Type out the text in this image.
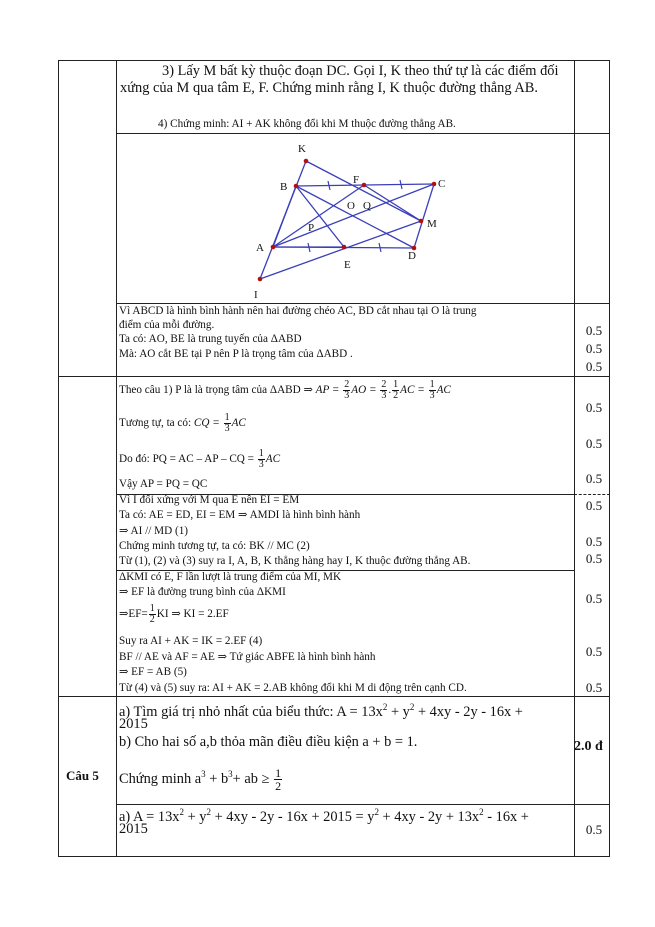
3) Lấy M bất kỳ thuộc đoạn DC. Gọi I, K theo thứ tự là các điểm đối xứng của M qua tâm E, F. Chứng minh rằng I, K thuộc đường thẳng AB.
4) Chứng minh: AI + AK không đổi khi M thuộc đường thẳng AB.
K
B
F	C
O Q
M
P
A
E
D
I
Vì ABCD là hình bình hành nên hai đường chéo AC, BD cắt nhau tại O là trung
điểm của mỗi đường.
Ta có: AO, BE là trung tuyến của ΔABD
Mà: AO cắt BE tại P nên P là trọng tâm của ΔABD .
Theo câu 1) P là là trọng tâm của ΔABD ⇒ AP = $\frac{2}{3}$ AO = $\frac{2}{3}$ . $\frac{1}{2}$ AC = $\frac{1}{3}$ AC
Tương tự, ta có: CQ = $\frac{1}{3}$ AC
Do đó: PQ = AC – AP – CQ = $\frac{1}{3}$ AC
Vậy AP = PQ = QC
Vì I đối xứng với M qua E nên EI = EM
Ta có: AE = ED, EI = EM ⇒ AMDI là hình bình hành
⇒ AI // MD (1)
Chứng minh tương tự, ta có: BK // MC (2)
Từ (1), (2) và (3) suy ra I, A, B, K thẳng hàng hay I, K thuộc đường thẳng AB.
ΔKMI có E, F lần lượt là trung điểm của MI, MK
⇒ EF là đường trung bình của ΔKMI
⇒EF= $\frac{1}{2}$ KI ⇒ KI = 2.EF
Suy ra AI + AK = IK = 2.EF (4)
BF // AE và AF = AE ⇒ Tứ giác ABFE là hình bình hành
⇒ EF = AB (5)
Từ (4) và (5) suy ra: AI + AK = 2.AB không đổi khi M di động trên cạnh CD.
Câu 5
a) Tìm giá trị nhỏ nhất của biểu thức: $A = 13x^2 + y^2 + 4xy - 2y - 16x$ +
2015
b) Cho hai số a,b thỏa mãn điều điều kiện a + b = 1.
Chứng minh $a^3 + b^3+$ ab ≥ $\frac{1}{2}$
2.0 đ
a) $A = 13x^2 + y^2 + 4xy - 2y - 16x + 2015 = y^2 + 4xy - 2y + 13x^2 - 16x$ +
2015
0.5
0.5
0.5
0.5
0.5
0.5
0.5
0.5
0.5
0.5
0.5
0.5
0.5
